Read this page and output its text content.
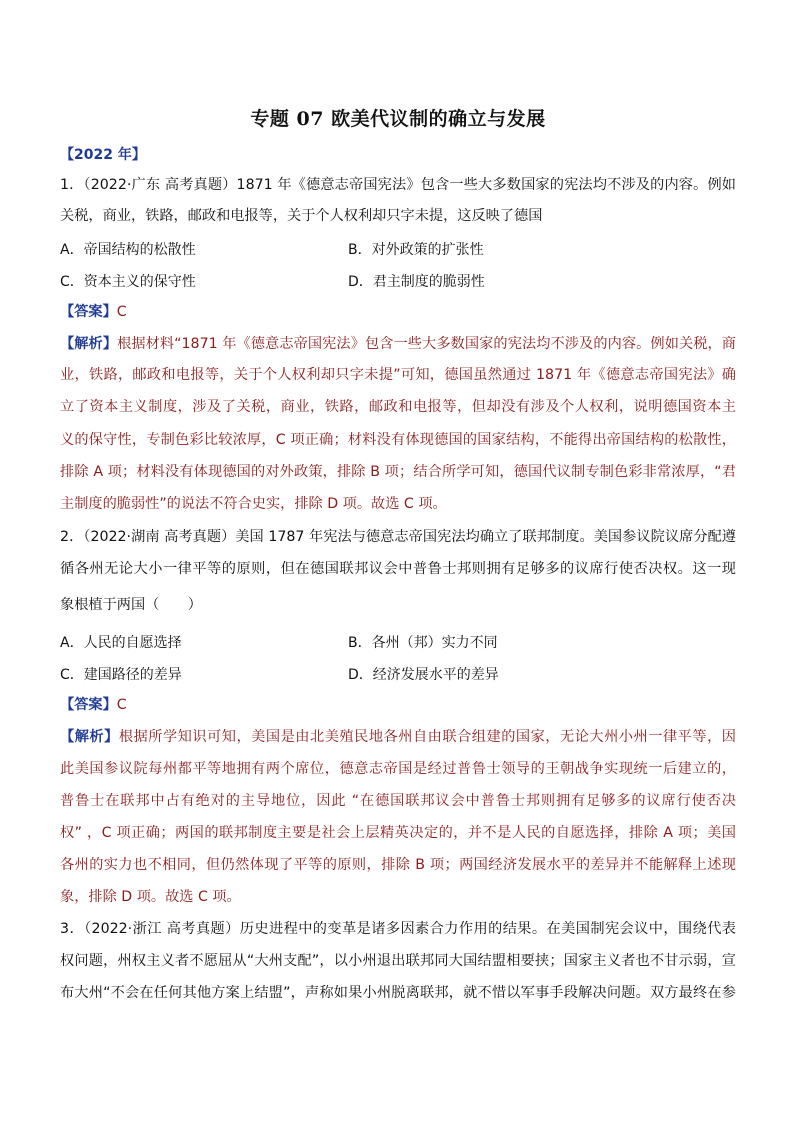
专题 07 欧美代议制的确立与发展
【2022 年】
1．（2022·广东 高考真题）1871 年《德意志帝国宪法》包含一些大多数国家的宪法均不涉及的内容。例如
关税，商业，铁路，邮政和电报等，关于个人权利却只字未提，这反映了德国
A．帝国结构的松散性	B．对外政策的扩张性
C．资本主义的保守性	D．君主制度的脆弱性
【答案】C
【解析】根据材料“1871 年《德意志帝国宪法》包含一些大多数国家的宪法均不涉及的内容。例如关税，商
业，铁路，邮政和电报等，关于个人权利却只字未提”可知，德国虽然通过 1871 年《德意志帝国宪法》确
立了资本主义制度，涉及了关税，商业，铁路，邮政和电报等，但却没有涉及个人权利，说明德国资本主
义的保守性，专制色彩比较浓厚，C 项正确；材料没有体现德国的国家结构，不能得出帝国结构的松散性，
排除 A 项；材料没有体现德国的对外政策，排除 B 项；结合所学可知，德国代议制专制色彩非常浓厚，“君
主制度的脆弱性”的说法不符合史实，排除 D 项。故选 C 项。
2．（2022·湖南 高考真题）美国 1787 年宪法与德意志帝国宪法均确立了联邦制度。美国参议院议席分配遵
循各州无论大小一律平等的原则，但在德国联邦议会中普鲁士邦则拥有足够多的议席行使否决权。这一现
象根植于两国（　　）
A．人民的自愿选择	B．各州（邦）实力不同
C．建国路径的差异	D．经济发展水平的差异
【答案】C
【解析】根据所学知识可知，美国是由北美殖民地各州自由联合组建的国家，无论大州小州一律平等，因
此美国参议院每州都平等地拥有两个席位，德意志帝国是经过普鲁士领导的王朝战争实现统一后建立的，
普鲁士在联邦中占有绝对的主导地位，因此 “在德国联邦议会中普鲁士邦则拥有足够多的议席行使否决
权” ，C 项正确；两国的联邦制度主要是社会上层精英决定的，并不是人民的自愿选择，排除 A 项；美国
各州的实力也不相同，但仍然体现了平等的原则，排除 B 项；两国经济发展水平的差异并不能解释上述现
象，排除 D 项。故选 C 项。
3．（2022·浙江 高考真题）历史进程中的变革是诸多因素合力作用的结果。在美国制宪会议中，围绕代表
权问题，州权主义者不愿屈从“大州支配”，以小州退出联邦同大国结盟相要挟；国家主义者也不甘示弱，宣
布大州“不会在任何其他方案上结盟”，声称如果小州脱离联邦，就不惜以军事手段解决问题。双方最终在参
